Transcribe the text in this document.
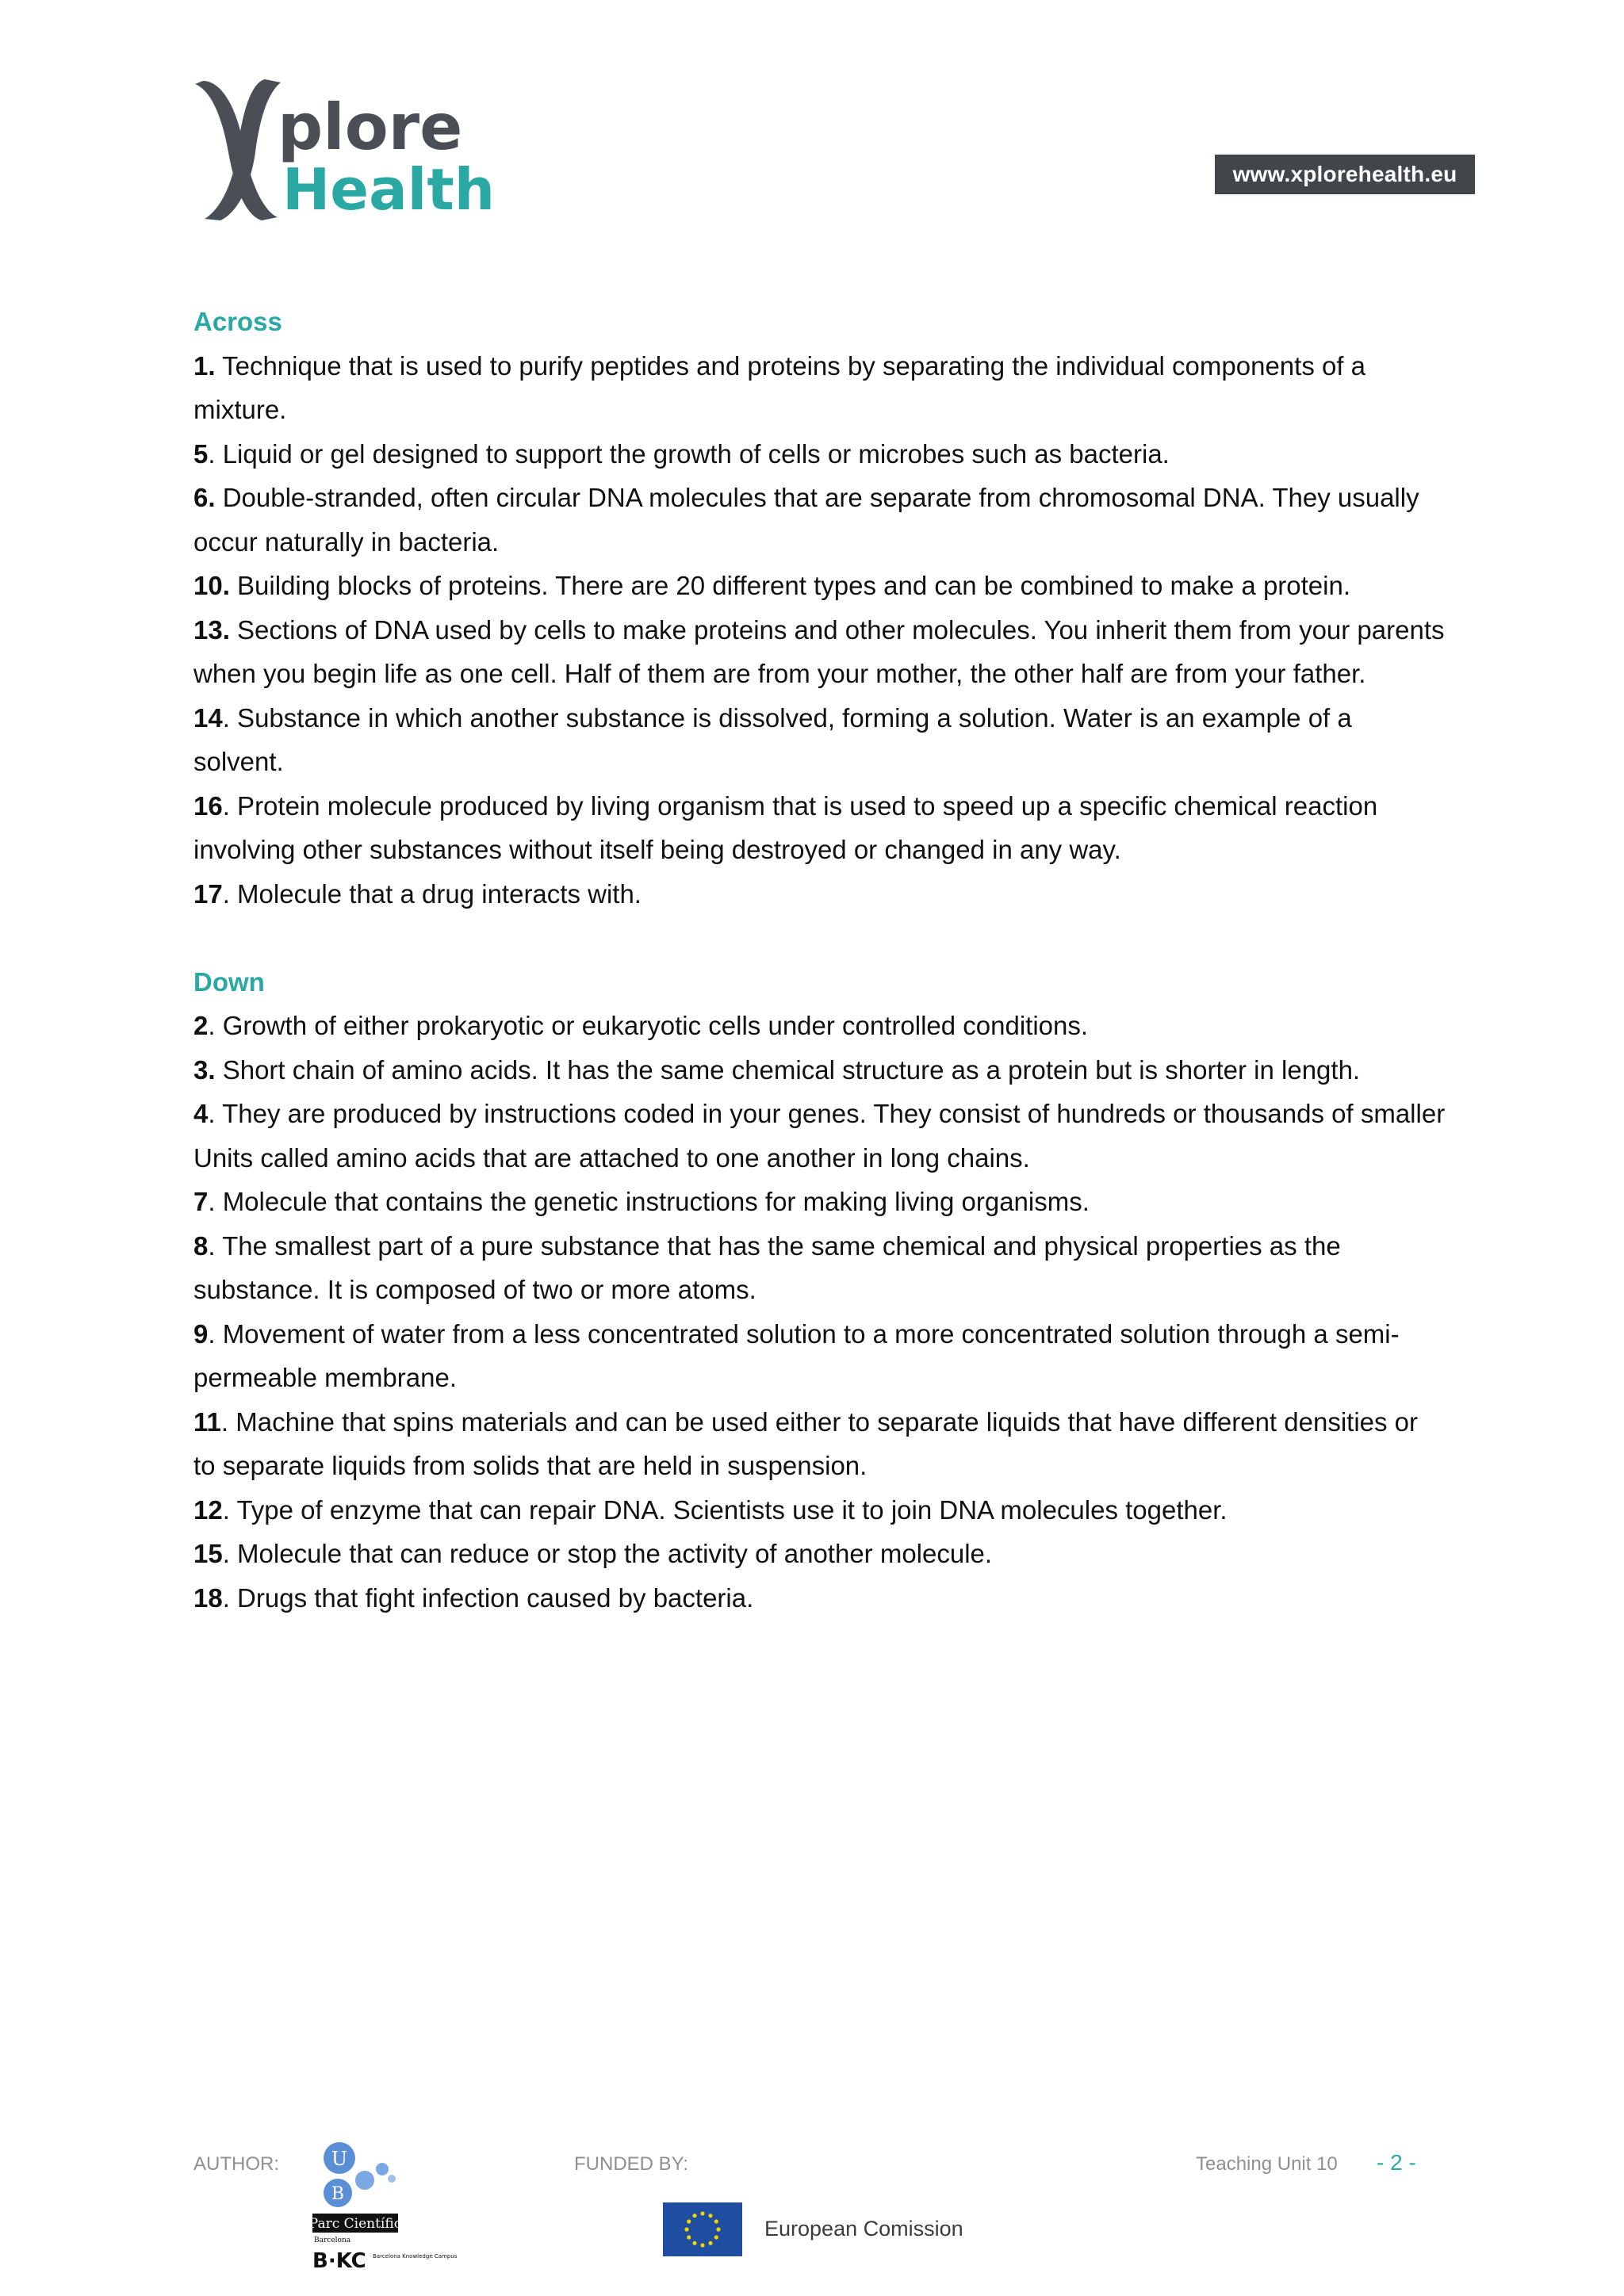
plore
Health	www.xplorehealth.eu

Across

1. Technique that is used to purify peptides and proteins by separating the individual components of a mixture.

5. Liquid or gel designed to support the growth of cells or microbes such as bacteria.

6. Double-stranded, often circular DNA molecules that are separate from chromosomal DNA. They usually occur naturally in bacteria.

10. Building blocks of proteins. There are 20 different types and can be combined to make a protein.

13. Sections of DNA used by cells to make proteins and other molecules. You inherit them from your parents when you begin life as one cell. Half of them are from your mother, the other half are from your father.

14. Substance in which another substance is dissolved, forming a solution. Water is an example of a solvent.

16. Protein molecule produced by living organism that is used to speed up a specific chemical reaction involving other substances without itself being destroyed or changed in any way.

17. Molecule that a drug interacts with.

Down

2. Growth of either prokaryotic or eukaryotic cells under controlled conditions.

3. Short chain of amino acids. It has the same chemical structure as a protein but is shorter in length.

4. They are produced by instructions coded in your genes. They consist of hundreds or thousands of smaller Units called amino acids that are attached to one another in long chains.

7. Molecule that contains the genetic instructions for making living organisms.

8. The smallest part of a pure substance that has the same chemical and physical properties as the substance. It is composed of two or more atoms.

9. Movement of water from a less concentrated solution to a more concentrated solution through a semi-permeable membrane.

11. Machine that spins materials and can be used either to separate liquids that have different densities or to separate liquids from solids that are held in suspension.

12. Type of enzyme that can repair DNA. Scientists use it to join DNA molecules together.

15. Molecule that can reduce or stop the activity of another molecule.

18. Drugs that fight infection caused by bacteria.

AUTHOR:	U
B
Parc Científic
Barcelona
B·KC Barcelona Knowledge Campus
FUNDED BY:
European Comission
Teaching Unit 10 - 2 -
